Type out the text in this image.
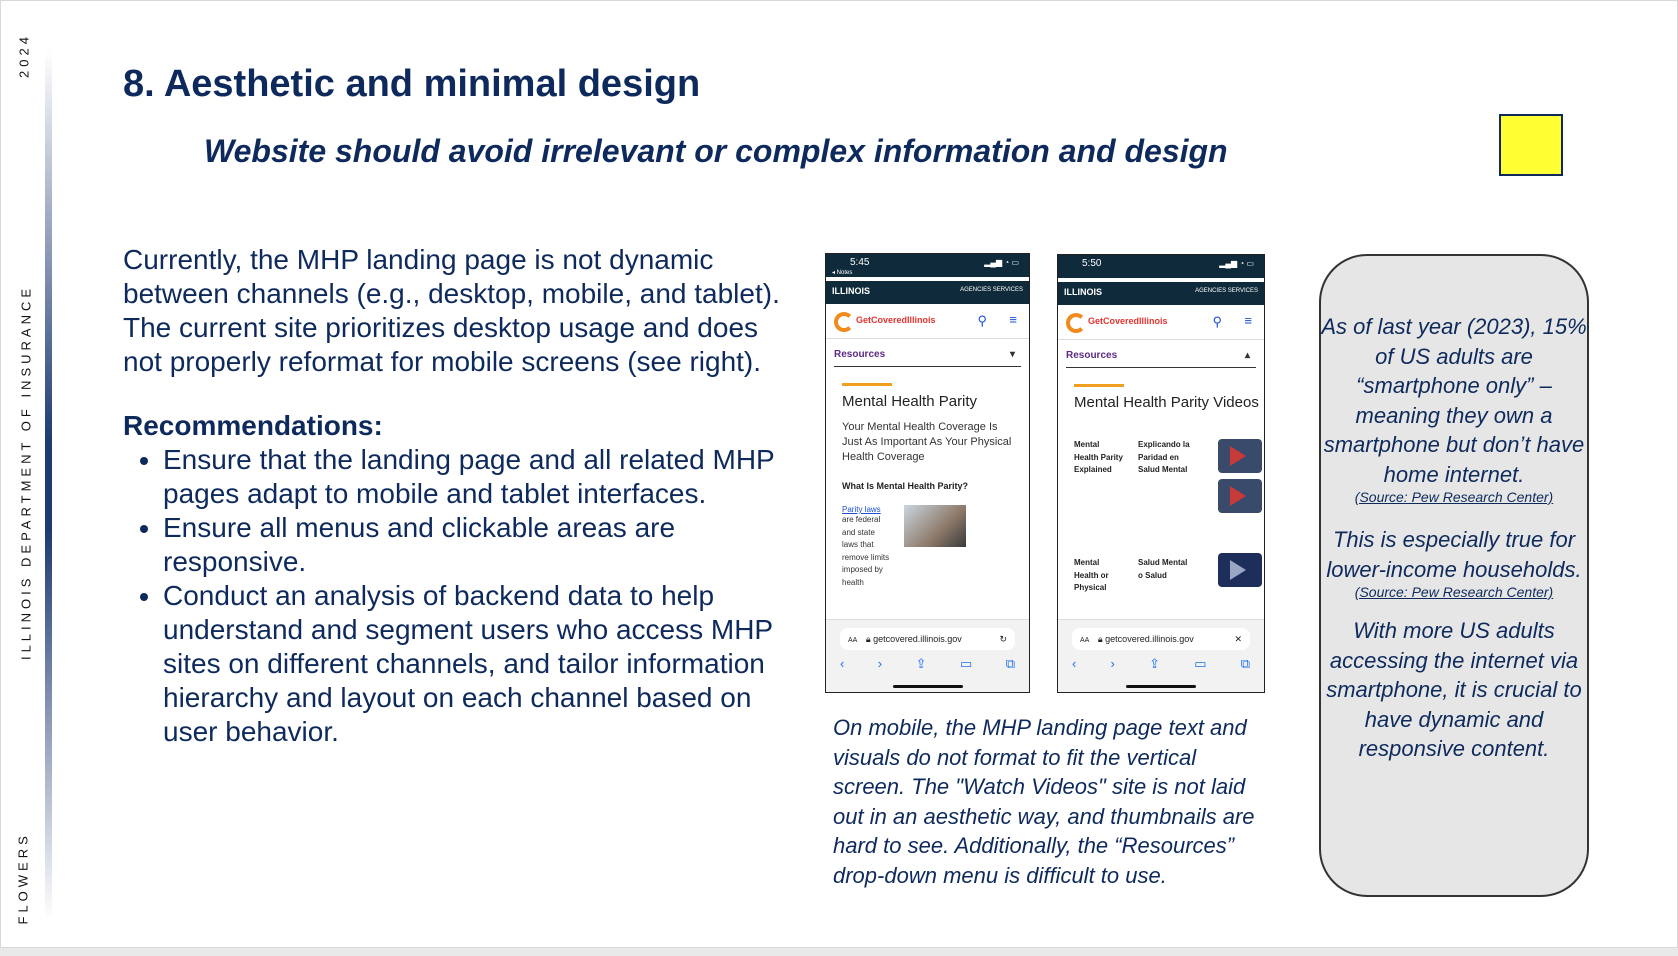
2024
ILLINOIS DEPARTMENT OF INSURANCE
FLOWERS
8. Aesthetic and minimal design
Website should avoid irrelevant or complex information and design

Currently, the MHP landing page is not dynamic between channels (e.g., desktop, mobile, and tablet). The current site prioritizes desktop usage and does not properly reformat for mobile screens (see right).

Recommendations:

• Ensure that the landing page and all related MHP pages adapt to mobile and tablet interfaces.
• Ensure all menus and clickable areas are responsive.
• Conduct an analysis of backend data to help understand and segment users who access MHP sites on different channels, and tailor information hierarchy and layout on each channel based on user behavior.
5:45
◂ Notes
▂▄▆ ◔ ▭
ILLINOIS	AGENCIES SERVICES
GetCoveredIllinois	⚲ ≡
Resources	▾
Mental Health Parity
Your Mental Health Coverage Is Just As Important As Your Physical Health Coverage
What Is Mental Health Parity?
Parity laws
are federal and state laws that remove limits imposed by health
AA 🔒︎ getcovered.illinois.gov	↻
‹	›	⇪	▭	⧉
5:50	▂▄▆ ◔ ▭
ILLINOIS	AGENCIES SERVICES
GetCoveredIllinois	⚲ ≡
Resources	▴
Mental Health Parity Videos
Mental Health Parity Explained
Explicando la Paridad en Salud Mental
Mental Health or Physical
Salud Mental o Salud
AA 🔒︎ getcovered.illinois.gov	✕
‹	›	⇪	▭	⧉

On mobile, the MHP landing page text and visuals do not format to fit the vertical screen. The "Watch Videos" site is not laid out in an aesthetic way, and thumbnails are hard to see. Additionally, the “Resources” drop-down menu is difficult to use.

As of last year (2023), 15% of US adults are “smartphone only” – meaning they own a smartphone but don’t have home internet.

(Source: Pew Research Center)

This is especially true for lower-income households.

(Source: Pew Research Center)

With more US adults accessing the internet via smartphone, it is crucial to have dynamic and responsive content.
